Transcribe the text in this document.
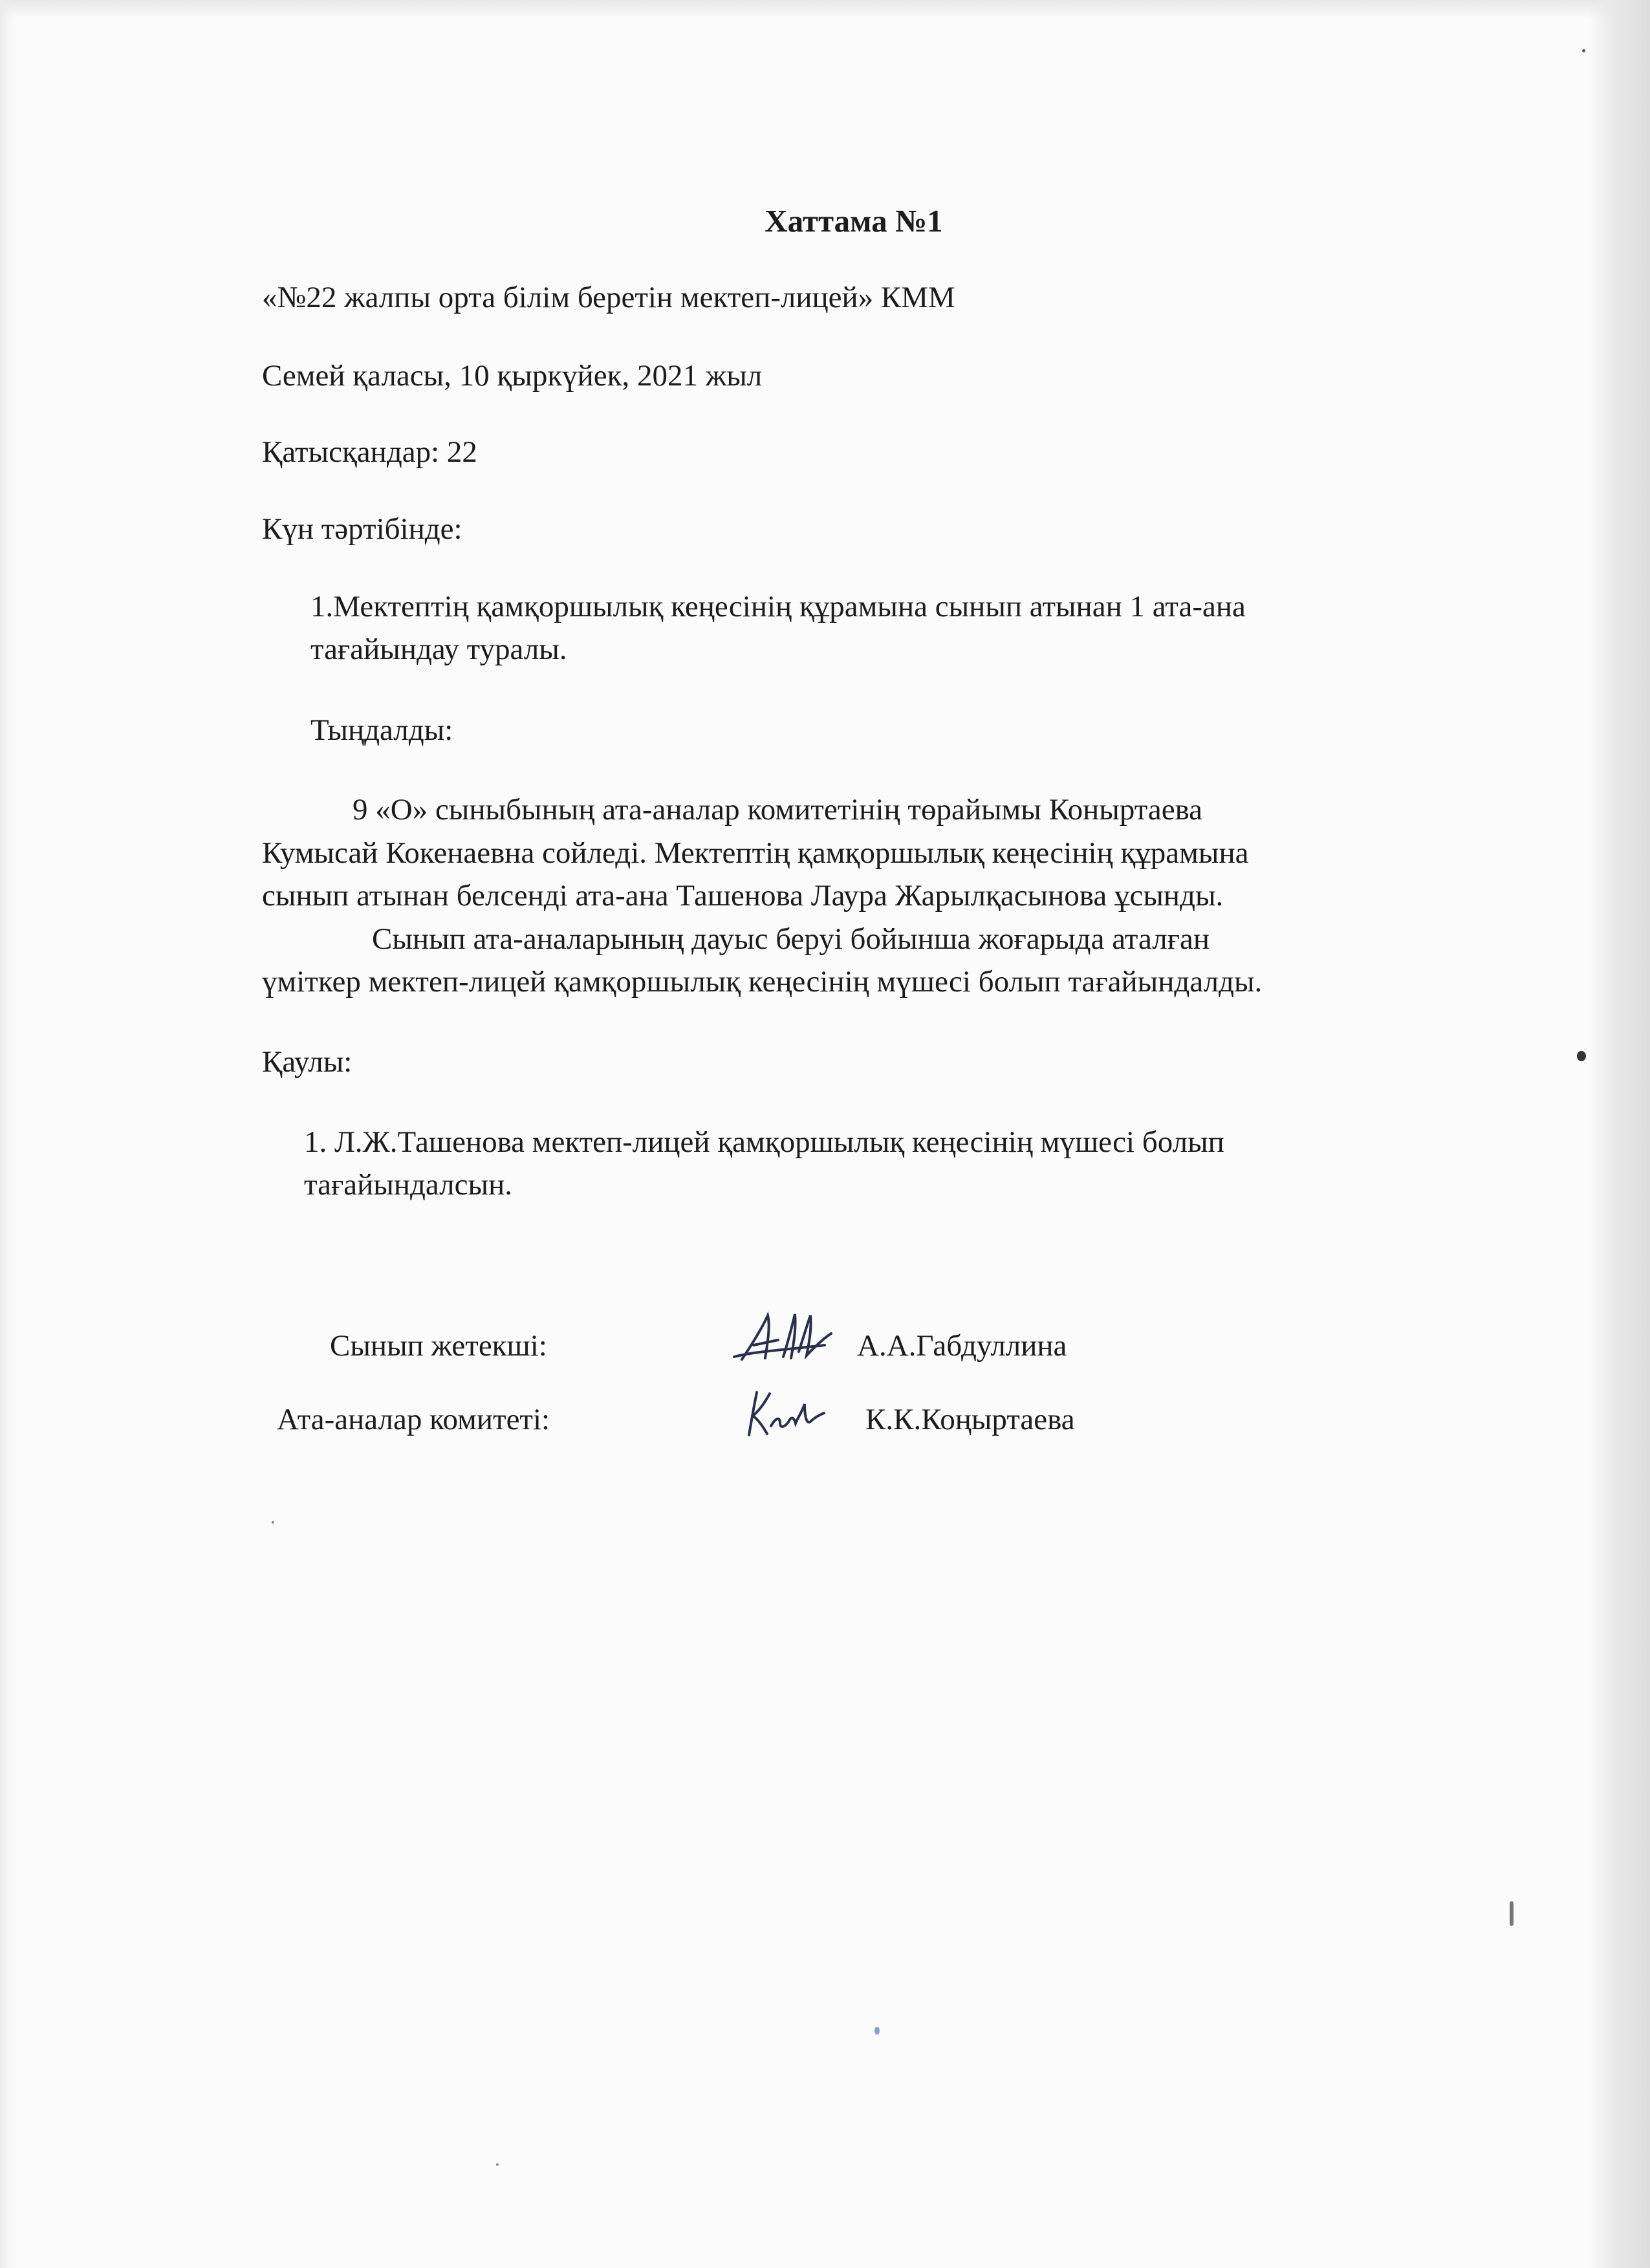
Хаттама №1

«№22 жалпы орта білім беретін мектеп-лицей» КММ

Семей қаласы, 10 қыркүйек, 2021 жыл

Қатысқандар: 22

Күн тәртібінде:

1.Мектептің қамқоршылық кеңесінің құрамына сынып атынан 1 ата-ана

тағайындау туралы.

Тыңдалды:

9 «О» сыныбының ата-аналар комитетінің төрайымы Коныртаева

Кумысай Кокенаевна сойледі. Мектептің қамқоршылық кеңесінің құрамына

сынып атынан белсенді ата-ана Ташенова Лаура Жарылқасынова ұсынды.

Сынып ата-аналарының дауыс беруі бойынша жоғарыда аталған

үміткер мектеп-лицей қамқоршылық кеңесінің мүшесі болып тағайындалды.

Қаулы:

1. Л.Ж.Ташенова мектеп-лицей қамқоршылық кеңесінің мүшесі болып

тағайындалсын.

Сынып жетекші:	А.А.Габдуллина

Ата-аналар комитеті:	К.К.Коңыртаева
